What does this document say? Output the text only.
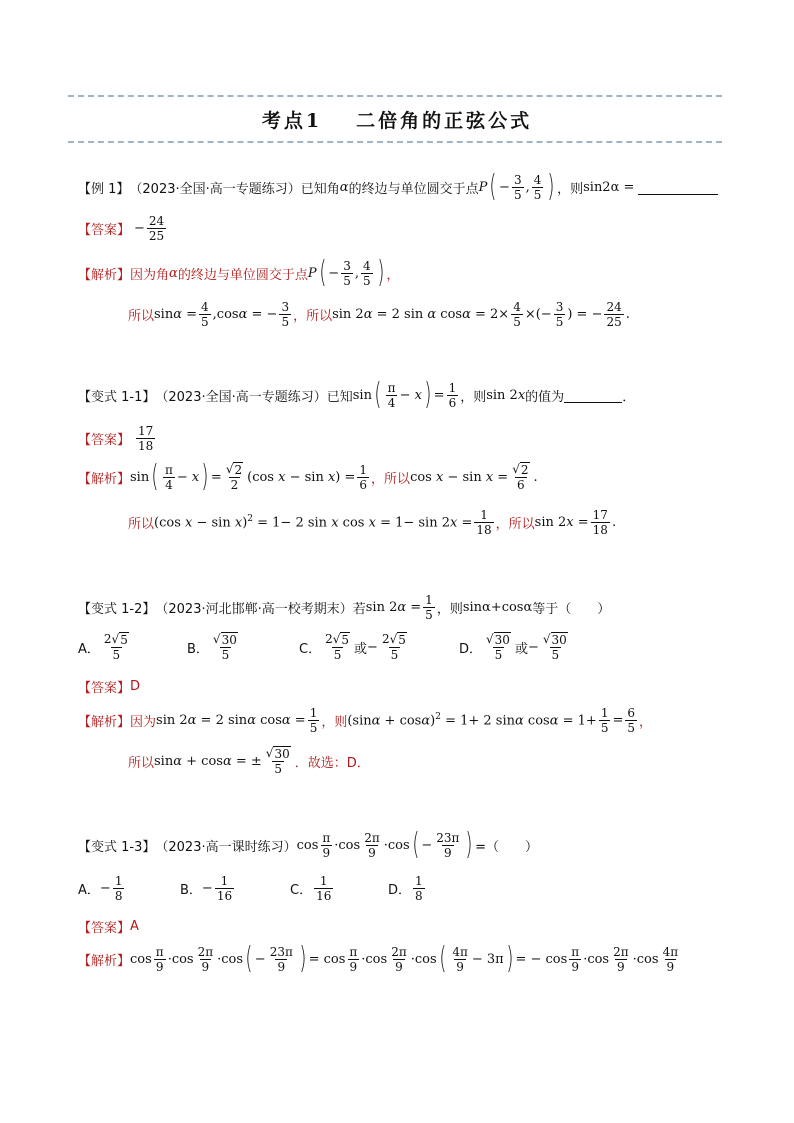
考点1 二倍角的正弦公式
【例 1】 （2023·全国·高一专题练习） 已知角 α 的终边与单位圆交于点 P ( − $\frac{3}{5}$ , $\frac{4}{5}$ ) ，则 sin2α =
【答案】 − $\frac{24}{25}$
【解析】 因为角 α 的终边与单位圆交于点 P ( − $\frac{3}{5}$ , $\frac{4}{5}$ ) ，
所以 $\sin\alpha = \frac{4}{5} ,\cos\alpha$ = − $\frac{3}{5}$ ，所以 sin 2α = 2 sin α $\cos\alpha = 2\times \frac{4}{5}$ ×(− $\frac{3}{5}$ ) = − $\frac{24}{25}$ .
【变式 1-1】 （2023·全国·高一专题练习） 已知 sin ( $\frac{\pi}{4} - x$ ) = $\frac{1}{6}$ ，则 sin 2x 的值为	．
【答案】 $\frac{17}{18}$
【解析】 sin ( $\frac{\pi}{4} - x$ ) = $\frac{√ 2}{2} (\cos$ $x - \sin x) = \frac{1}{6}$ ，所以 $\cos x - \sin x = \frac{√ 2}{6}$ .
所以 (cos x − sin x)$^2$ = 1− 2 sin x $\cos x = 1- \sin 2x = \frac{1}{18}$ ，所以 $\sin 2x = \frac{17}{18}$ .
【变式 1-2】 （2023·河北邯郸·高一校考期末） 若 $\sin 2\alpha = \frac{1}{5}$ ，则 sinα+cosα 等于（　　）
A． $\frac{2√ 5}{5}$	B． $\frac{√ 30}{5}$	C． $\frac{2√ 5}{5}$ 或 − $\frac{2√ 5}{5}$	D． $\frac{√ 30}{5}$ 或 − $\frac{√ 30}{5}$
【答案】 D
【解析】 因为 sin 2α = 2 sinα $\cos\alpha = \frac{1}{5}$ ，则 $(\sin\alpha + \cos\alpha)^2 = 1+ 2$ sinα $\cos\alpha = 1+ \frac{1}{5} = \frac{6}{5}$ ，
所以 sinα + cosα = ± $\frac{√ 30}{5}$ ．故选：D．
【变式 1-3】 （2023·高一课时练习） $\cos \frac{\pi}{9} \cdot\cos \frac{2\pi}{9} \cdot\cos$ ( − $\frac{23\pi}{9}$ ) =（　　）
A． − $\frac{1}{8}$	B． − $\frac{1}{16}$	C． $\frac{1}{16}$	D． $\frac{1}{8}$
【答案】 A
【解析】 $\cos \frac{\pi}{9} \cdot\cos \frac{2\pi}{9} \cdot\cos$ ( − $\frac{23\pi}{9}$ ) = $\cos \frac{\pi}{9} \cdot\cos \frac{2\pi}{9} \cdot\cos$ ( $\frac{4\pi}{9} - 3\pi$ ) = − $\cos \frac{\pi}{9} \cdot\cos \frac{2\pi}{9} \cdot\cos \frac{4\pi}{9}$
